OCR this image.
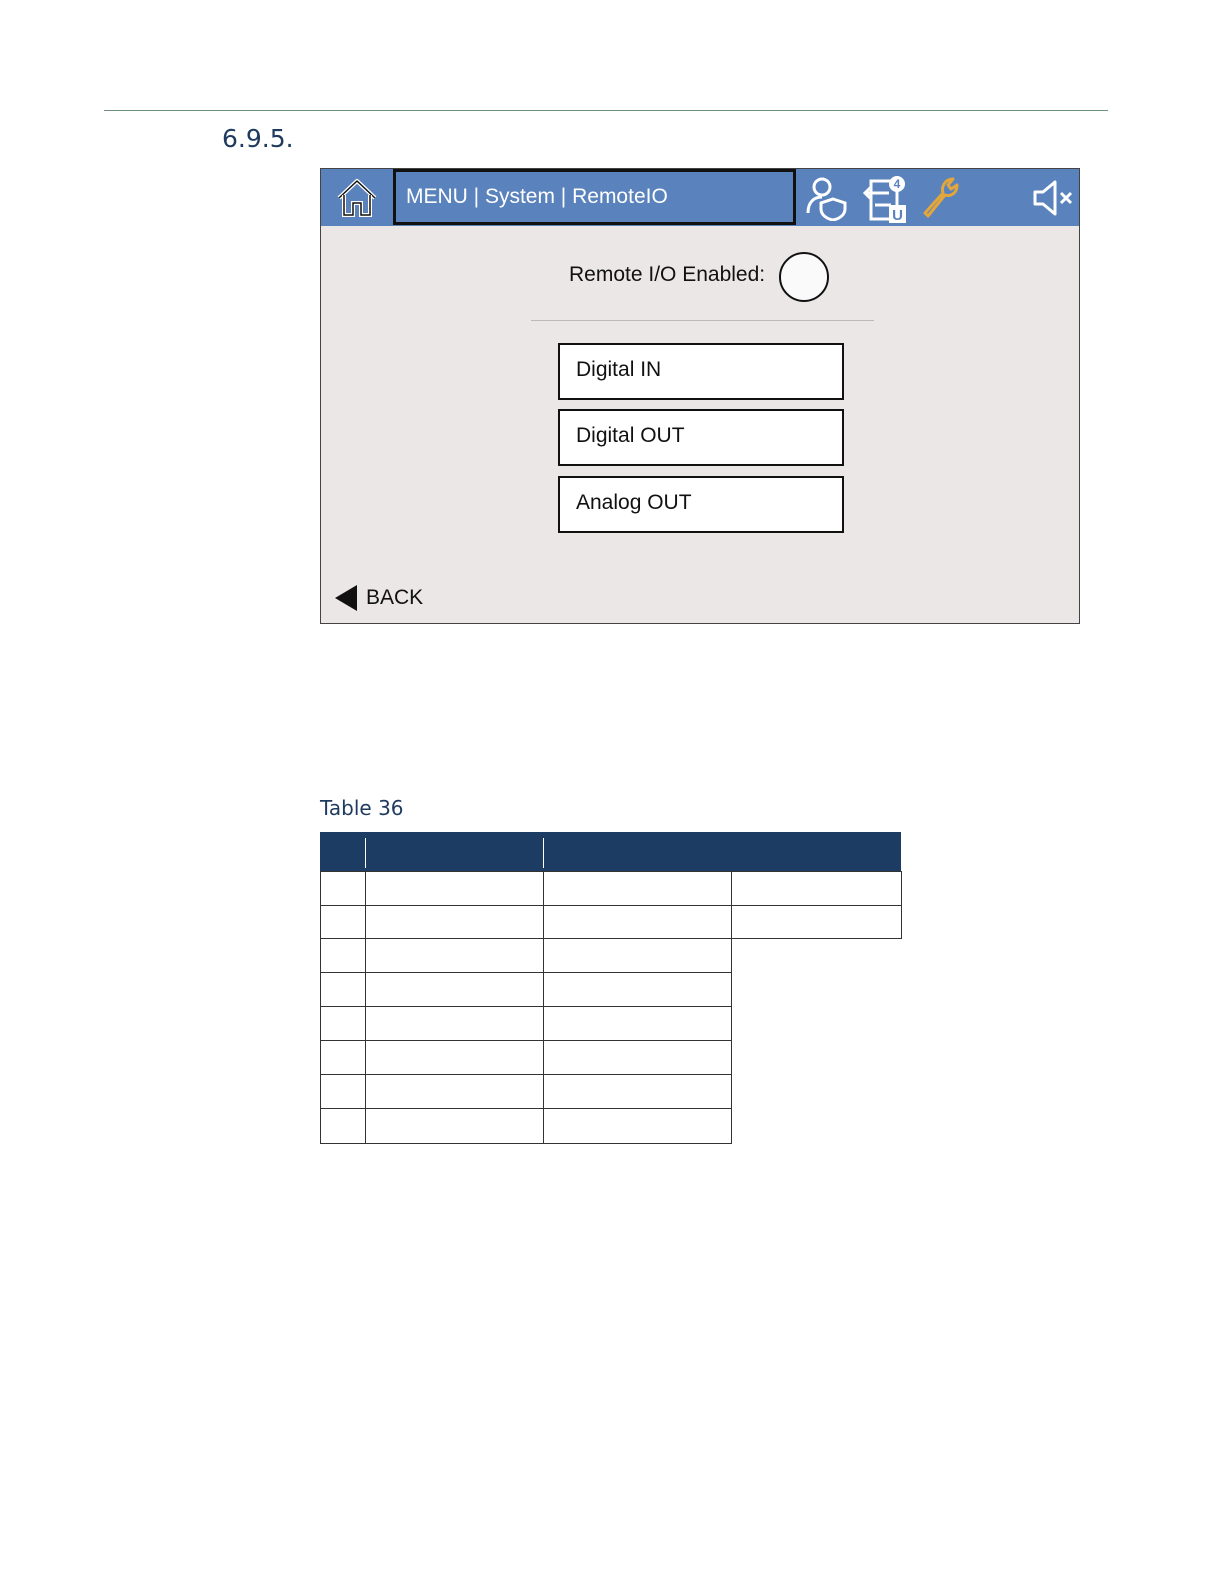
6.9.5.
MENU | System | RemoteIO
4
U
Remote I/O Enabled:
Digital IN
Digital OUT
Analog OUT
BACK
Table 36
